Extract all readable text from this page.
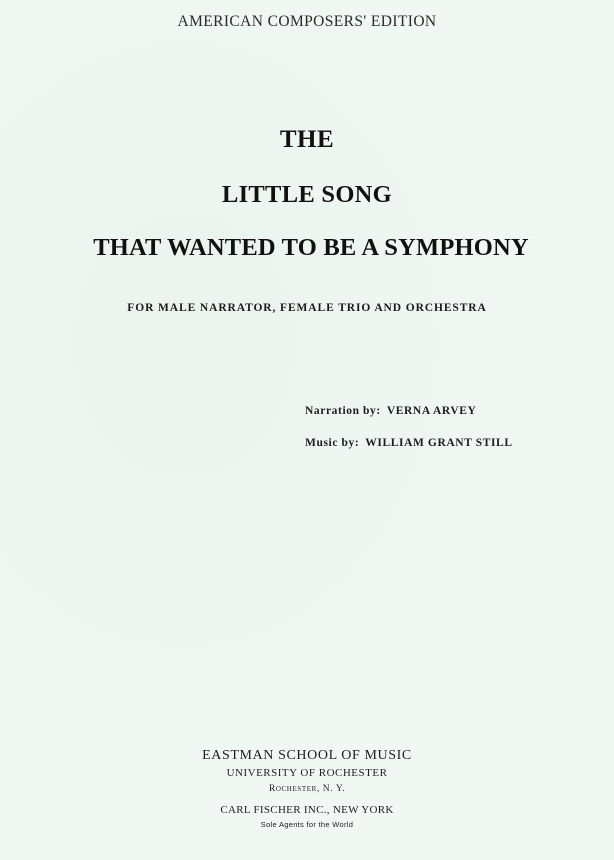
AMERICAN COMPOSERS' EDITION
THE
LITTLE SONG
THAT WANTED TO BE A SYMPHONY
FOR MALE NARRATOR, FEMALE TRIO AND ORCHESTRA
Narration by: VERNA ARVEY
Music by: WILLIAM GRANT STILL
EASTMAN SCHOOL OF MUSIC
UNIVERSITY OF ROCHESTER
Rochester, N. Y.
CARL FISCHER INC., NEW YORK
Sole Agents for the World
